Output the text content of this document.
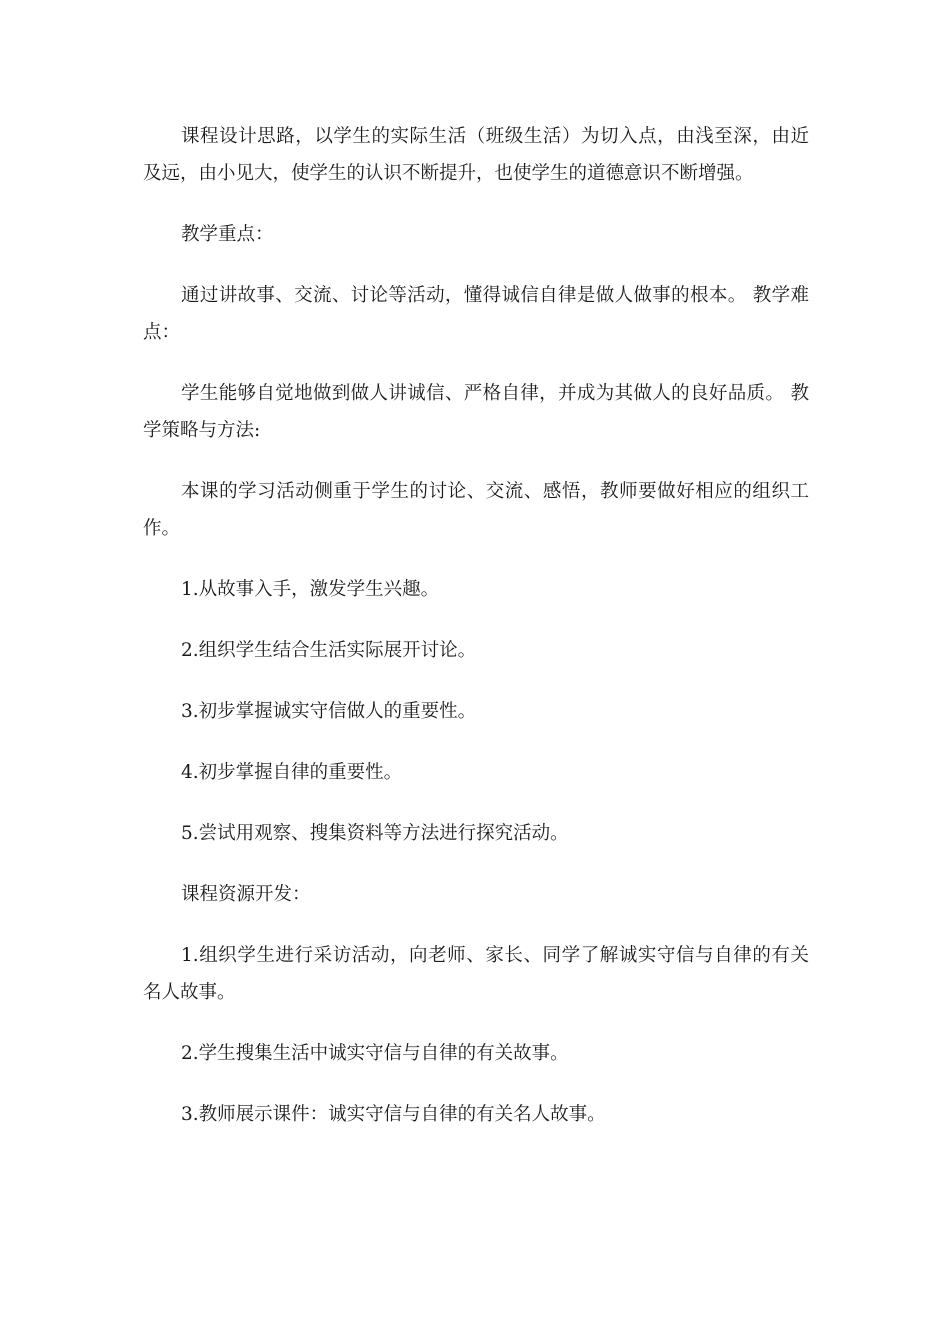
课程设计思路，以学生的实际生活（班级生活）为切入点，由浅至深，由近及远，由小见大，使学生的认识不断提升，也使学生的道德意识不断增强。

教学重点：

通过讲故事、交流、讨论等活动，懂得诚信自律是做人做事的根本。 教学难点：

学生能够自觉地做到做人讲诚信、严格自律，并成为其做人的良好品质。 教学策略与方法:

本课的学习活动侧重于学生的讨论、交流、感悟，教师要做好相应的组织工作。

1.从故事入手，激发学生兴趣。

2.组织学生结合生活实际展开讨论。

3.初步掌握诚实守信做人的重要性。

4.初步掌握自律的重要性。

5.尝试用观察、搜集资料等方法进行探究活动。

课程资源开发：

1.组织学生进行采访活动，向老师、家长、同学了解诚实守信与自律的有关名人故事。

2.学生搜集生活中诚实守信与自律的有关故事。

3.教师展示课件：诚实守信与自律的有关名人故事。
